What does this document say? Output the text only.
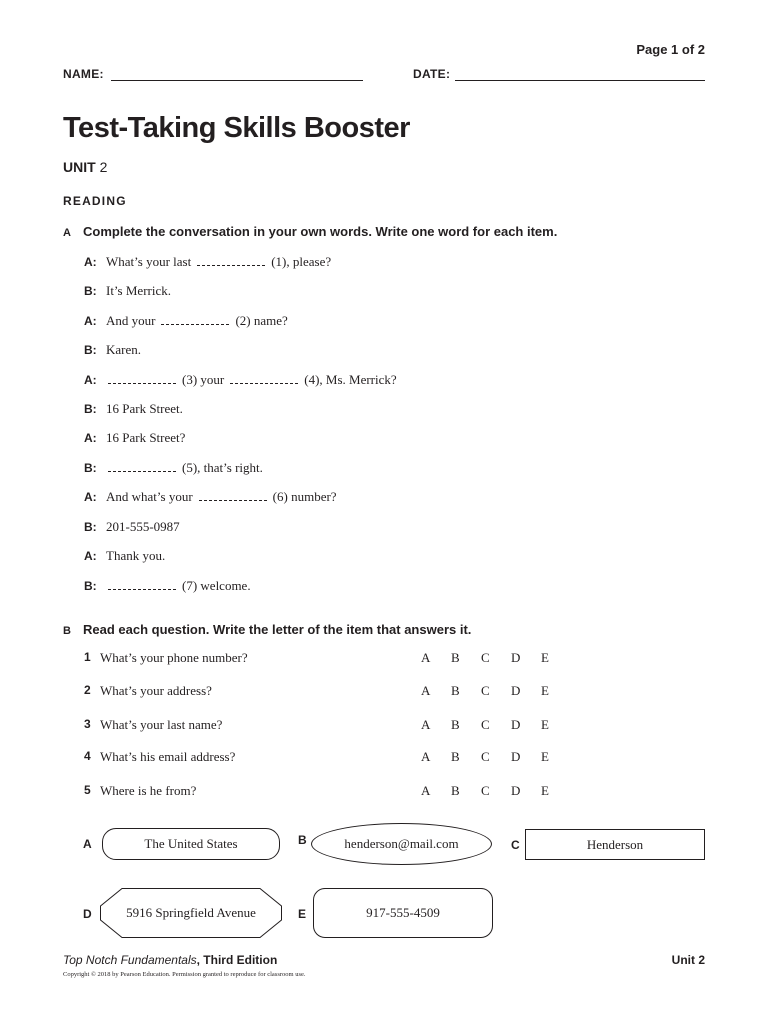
Page 1 of 2
NAME:	DATE:
Test-Taking Skills Booster
UNIT 2
READING
A Complete the conversation in your own words. Write one word for each item.
A: What’s your last	(1), please?
B: It’s Merrick.
A: And your	(2) name?
B: Karen.
A:	(3) your	(4), Ms. Merrick?
B: 16 Park Street.
A: 16 Park Street?
B:	(5), that’s right.
A: And what’s your	(6) number?
B: 201-555-0987
A: Thank you.
B:	(7) welcome.
B Read each question. Write the letter of the item that answers it.
1 What’s your phone number?	A	B	C	D	E
2 What’s your address?	A	B	C	D	E
3 What’s your last name?	A	B	C	D	E
4 What’s his email address?	A	B	C	D	E
5 Where is he from?	A	B	C	D	E
A	The United States	B	henderson@mail.com	C	Henderson
D	5916 Springfield Avenue	E	917-555-4509
Top Notch Fundamentals, Third Edition	Unit 2
Copyright © 2018 by Pearson Education. Permission granted to reproduce for classroom use.
